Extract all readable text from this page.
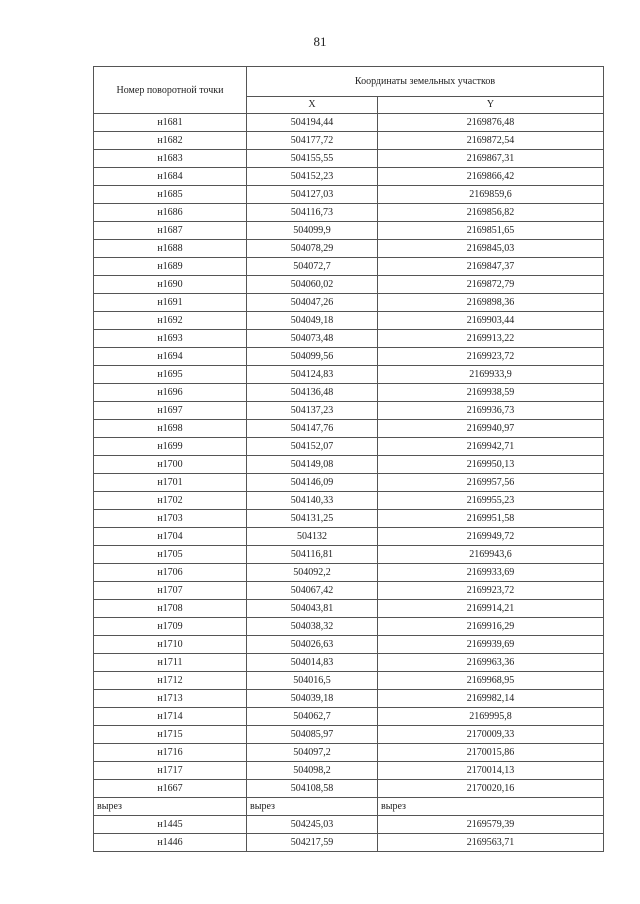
81
Номер поворотной точки	Координаты земельных участков	
	X	Y
н1681	504194,44	2169876,48
н1682	504177,72	2169872,54
н1683	504155,55	2169867,31
н1684	504152,23	2169866,42
н1685	504127,03	2169859,6
н1686	504116,73	2169856,82
н1687	504099,9	2169851,65
н1688	504078,29	2169845,03
н1689	504072,7	2169847,37
н1690	504060,02	2169872,79
н1691	504047,26	2169898,36
н1692	504049,18	2169903,44
н1693	504073,48	2169913,22
н1694	504099,56	2169923,72
н1695	504124,83	2169933,9
н1696	504136,48	2169938,59
н1697	504137,23	2169936,73
н1698	504147,76	2169940,97
н1699	504152,07	2169942,71
н1700	504149,08	2169950,13
н1701	504146,09	2169957,56
н1702	504140,33	2169955,23
н1703	504131,25	2169951,58
н1704	504132	2169949,72
н1705	504116,81	2169943,6
н1706	504092,2	2169933,69
н1707	504067,42	2169923,72
н1708	504043,81	2169914,21
н1709	504038,32	2169916,29
н1710	504026,63	2169939,69
н1711	504014,83	2169963,36
н1712	504016,5	2169968,95
н1713	504039,18	2169982,14
н1714	504062,7	2169995,8
н1715	504085,97	2170009,33
н1716	504097,2	2170015,86
н1717	504098,2	2170014,13
н1667	504108,58	2170020,16
вырез	вырез	вырез
н1445	504245,03	2169579,39
н1446	504217,59	2169563,71
